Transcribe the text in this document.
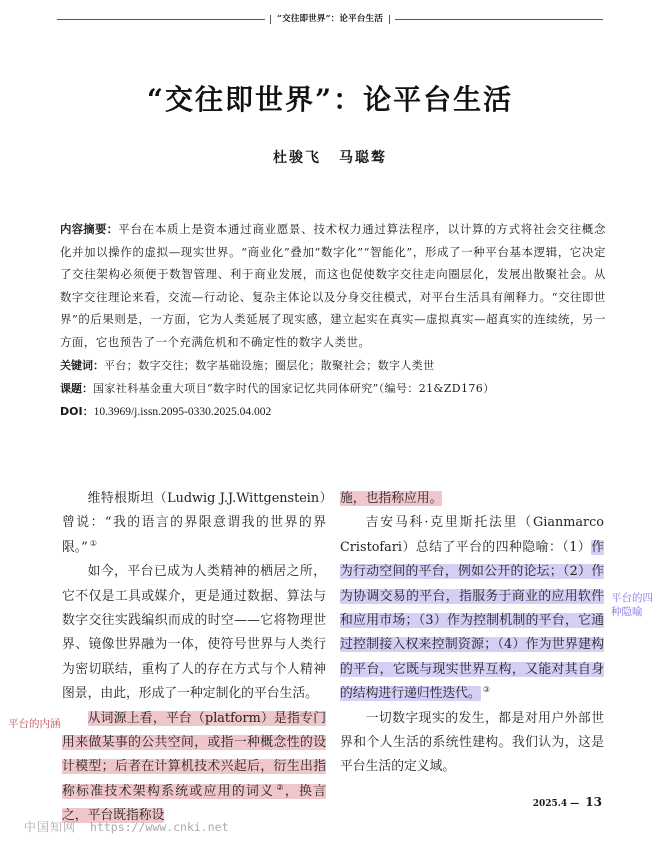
“交往即世界”：论平台生活
“交往即世界”：论平台生活
杜骏飞 马聪骜
内容摘要：平台在本质上是资本通过商业愿景、技术权力通过算法程序，以计算的方式将社会交往概念化并加以操作的虚拟—现实世界。“商业化”叠加“数字化”“智能化”，形成了一种平台基本逻辑，它决定了交往架构必须便于数智管理、利于商业发展，而这也促使数字交往走向圈层化，发展出散聚社会。从数字交往理论来看，交流—行动论、复杂主体论以及分身交往模式，对平台生活具有阐释力。“交往即世界”的后果则是，一方面，它为人类延展了现实感，建立起实在真实—虚拟真实—超真实的连续统，另一方面，它也预告了一个充满危机和不确定性的数字人类世。
关键词：平台；数字交往；数字基础设施；圈层化；散聚社会；数字人类世
课题：国家社科基金重大项目“数字时代的国家记忆共同体研究”（编号：21&ZD176）
DOI：10.3969/j.issn.2095-0330.2025.04.002

维特根斯坦（Ludwig J.J.Wittgenstein）曾说：“我的语言的界限意谓我的世界的界限。” ①

如今，平台已成为人类精神的栖居之所，它不仅是工具或媒介，更是通过数据、算法与数字交往实践编织而成的时空——它将物理世界、镜像世界融为一体，使符号世界与人类行为密切联结，重构了人的存在方式与个人精神图景，由此，形成了一种定制化的平台生活。

从词源上看，平台（platform）是指专门用来做某事的公共空间，或指一种概念性的设计模型；后者在计算机技术兴起后，衍生出指称标准技术架构系统或应用的词义 ②，换言之，平台既指称设

施，也指称应用。

吉安马科·克里斯托法里（Gianmarco Cristofari）总结了平台的四种隐喻：（1）作为行动空间的平台，例如公开的论坛；（2）作为协调交易的平台，指服务于商业的应用软件和应用市场；（3）作为控制机制的平台，它通过控制接入权来控制资源；（4）作为世界建构的平台，它既与现实世界互构，又能对其自身的结构进行递归性迭代。 ③

一切数字现实的发生，都是对用户外部世界和个人生活的系统性建构。我们认为，这是平台生活的定义域。

平台的内涵
平台的四种隐喻
2025.4 — 13
中国知网 https://www.cnki.net
